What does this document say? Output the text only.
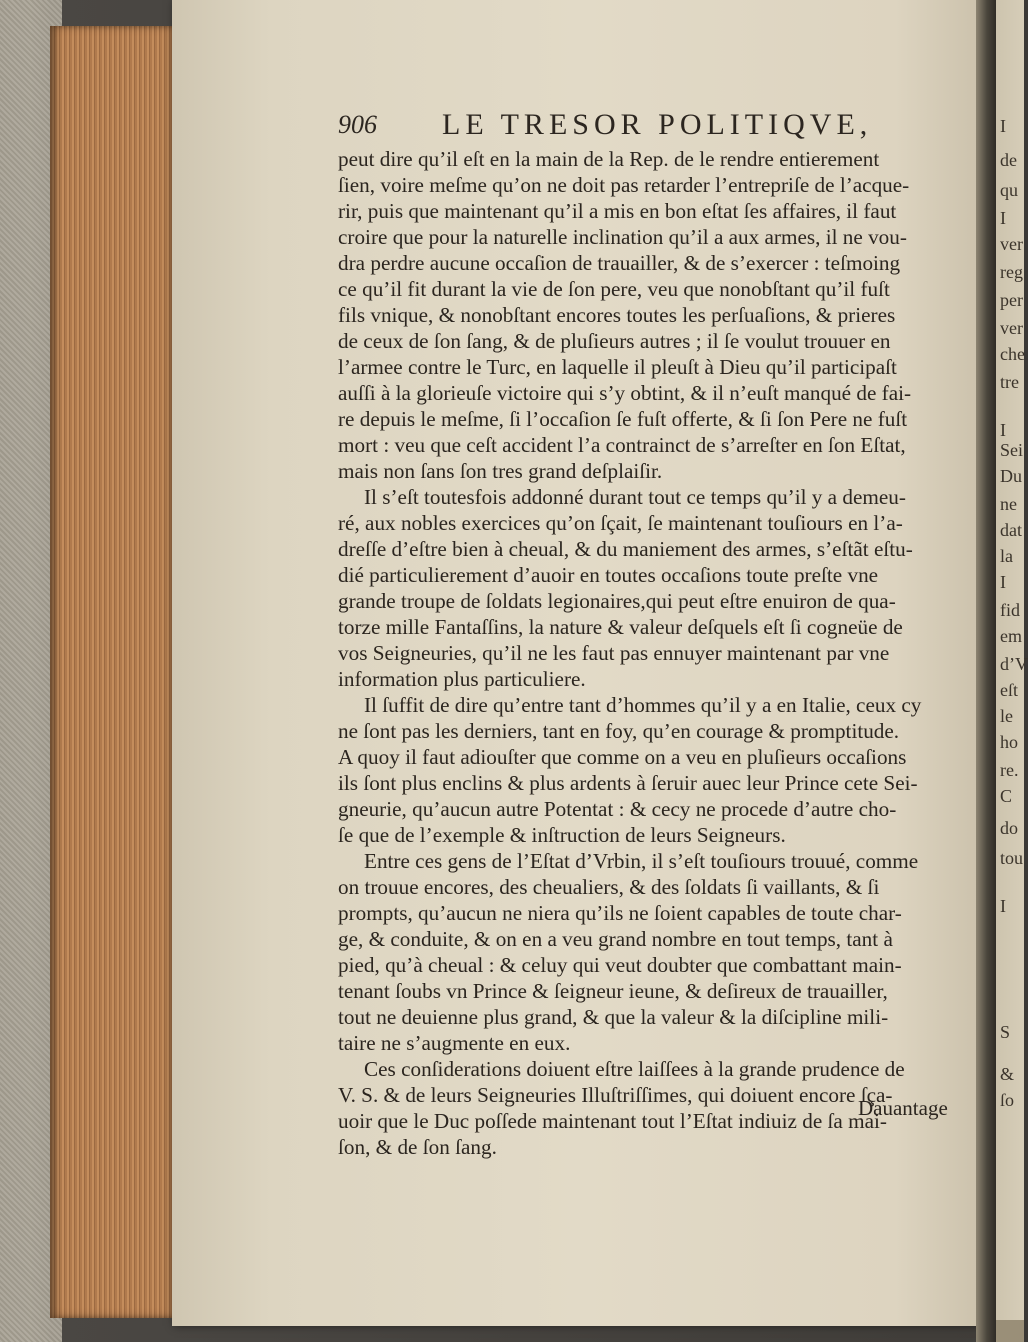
906 LE TRESOR POLITIQVE,
peut dire qu’il eſt en la main de la Rep. de le rendre entierement
ſien, voire meſme qu’on ne doit pas retarder l’entrepriſe de l’acque-
rir, puis que maintenant qu’il a mis en bon eſtat ſes affaires, il faut
croire que pour la naturelle inclination qu’il a aux armes, il ne vou-
dra perdre aucune occaſion de trauailler, & de s’exercer : teſmoing
ce qu’il fit durant la vie de ſon pere, veu que nonobſtant qu’il fuſt
fils vnique, & nonobſtant encores toutes les perſuaſions, & prieres
de ceux de ſon ſang, & de pluſieurs autres ; il ſe voulut trouuer en
l’armee contre le Turc, en laquelle il pleuſt à Dieu qu’il participaſt
auſſi à la glorieuſe victoire qui s’y obtint, & il n’euſt manqué de fai-
re depuis le meſme, ſi l’occaſion ſe fuſt offerte, & ſi ſon Pere ne fuſt
mort : veu que ceſt accident l’a contrainct de s’arreſter en ſon Eſtat,
mais non ſans ſon tres grand deſplaiſir.
Il s’eſt toutesfois addonné durant tout ce temps qu’il y a demeu-
ré, aux nobles exercices qu’on ſçait, ſe maintenant touſiours en l’a-
dreſſe d’eſtre bien à cheual, & du maniement des armes, s’eſtãt eſtu-
dié particulierement d’auoir en toutes occaſions toute preſte vne
grande troupe de ſoldats legionaires,qui peut eſtre enuiron de qua-
torze mille Fantaſſins, la nature & valeur deſquels eſt ſi cogneüe de
vos Seigneuries, qu’il ne les faut pas ennuyer maintenant par vne
information plus particuliere.
Il ſuffit de dire qu’entre tant d’hommes qu’il y a en Italie, ceux cy
ne ſont pas les derniers, tant en foy, qu’en courage & promptitude.
A quoy il faut adiouſter que comme on a veu en pluſieurs occaſions
ils ſont plus enclins & plus ardents à ſeruir auec leur Prince cete Sei-
gneurie, qu’aucun autre Potentat : & cecy ne procede d’autre cho-
ſe que de l’exemple & inſtruction de leurs Seigneurs.
Entre ces gens de l’Eſtat d’Vrbin, il s’eſt touſiours trouué, comme
on trouue encores, des cheualiers, & des ſoldats ſi vaillants, & ſi
prompts, qu’aucun ne niera qu’ils ne ſoient capables de toute char-
ge, & conduite, & on en a veu grand nombre en tout temps, tant à
pied, qu’à cheual : & celuy qui veut doubter que combattant main-
tenant ſoubs vn Prince & ſeigneur ieune, & deſireux de trauailler,
tout ne deuienne plus grand, & que la valeur & la diſcipline mili-
taire ne s’augmente en eux.
Ces conſiderations doiuent eſtre laiſſees à la grande prudence de
V. S. & de leurs Seigneuries Illuſtriſſimes, qui doiuent encore ſça-
uoir que le Duc poſſede maintenant tout l’Eſtat indiuiz de ſa mai-
ſon, & de ſon ſang.
Dauantage
I
de
qu
I
ver
reg
per
ver
che
tre
I
Sei
Du
ne
dat
la
I
fid
em
d’V
eſt
le
ho
re.
C
do
tou
I
S
&
ſo
